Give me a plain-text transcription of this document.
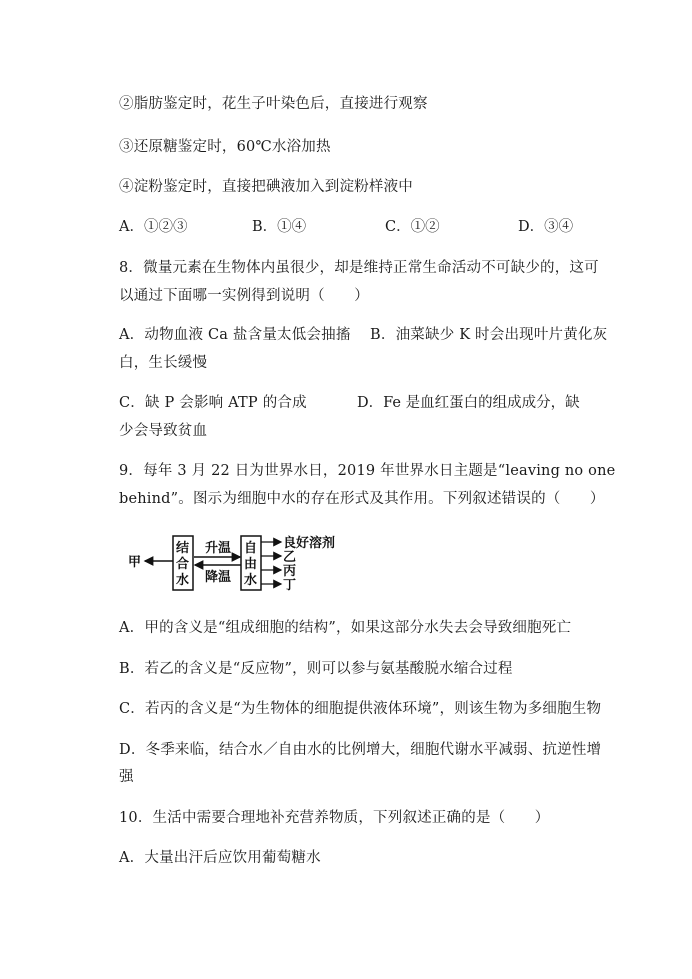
②脂肪鉴定时，花生子叶染色后，直接进行观察
③还原糖鉴定时，60℃水浴加热
④淀粉鉴定时，直接把碘液加入到淀粉样液中
A．①②③	B．①④	C．①②	D．③④
8．微量元素在生物体内虽很少，却是维持正常生命活动不可缺少的，这可
以通过下面哪一实例得到说明（　　）
A．动物血液 Ca 盐含量太低会抽搐　 B．油菜缺少 K 时会出现叶片黄化灰
白，生长缓慢
C．缺 P 会影响 ATP 的合成	D．Fe 是血红蛋白的组成成分，缺
少会导致贫血
9．每年 3 月 22 日为世界水日，2019 年世界水日主题是“leaving no one
behind”。图示为细胞中水的存在形式及其作用。下列叙述错误的（　　）
甲
结
合
水
升温
降温
自
由
水
良好溶剂
乙
丙
丁
A．甲的含义是“组成细胞的结构”，如果这部分水失去会导致细胞死亡
B．若乙的含义是“反应物”，则可以参与氨基酸脱水缩合过程
C．若丙的含义是“为生物体的细胞提供液体环境”，则该生物为多细胞生物
D．冬季来临，结合水／自由水的比例增大，细胞代谢水平减弱、抗逆性增
强
10．生活中需要合理地补充营养物质，下列叙述正确的是（　　）
A．大量出汗后应饮用葡萄糖水
